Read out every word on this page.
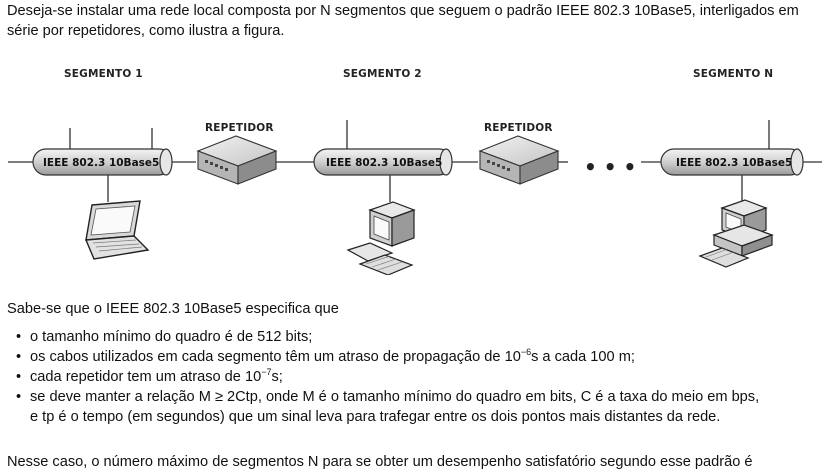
Deseja-se instalar uma rede local composta por N segmentos que seguem o padrão IEEE 802.3 10Base5, interligados em
série por repetidores, como ilustra a figura.
SEGMENTO 1	SEGMENTO 2	SEGMENTO N
REPETIDOR	REPETIDOR
IEEE 802.3 10Base5	IEEE 802.3 10Base5	IEEE 802.3 10Base5
• • •
Sabe-se que o IEEE 802.3 10Base5 especifica que
• o tamanho mínimo do quadro é de 512 bits;
• os cabos utilizados em cada segmento têm um atraso de propagação de $10^{-6}s$ a cada 100 m;
• cada repetidor tem um atraso de $10^{-7}s$;
• se deve manter a relação M ≥ 2Ctp, onde M é o tamanho mínimo do quadro em bits, C é a taxa do meio em bps,
e tp é o tempo (em segundos) que um sinal leva para trafegar entre os dois pontos mais distantes da rede.
Nesse caso, o número máximo de segmentos N para se obter um desempenho satisfatório segundo esse padrão é
